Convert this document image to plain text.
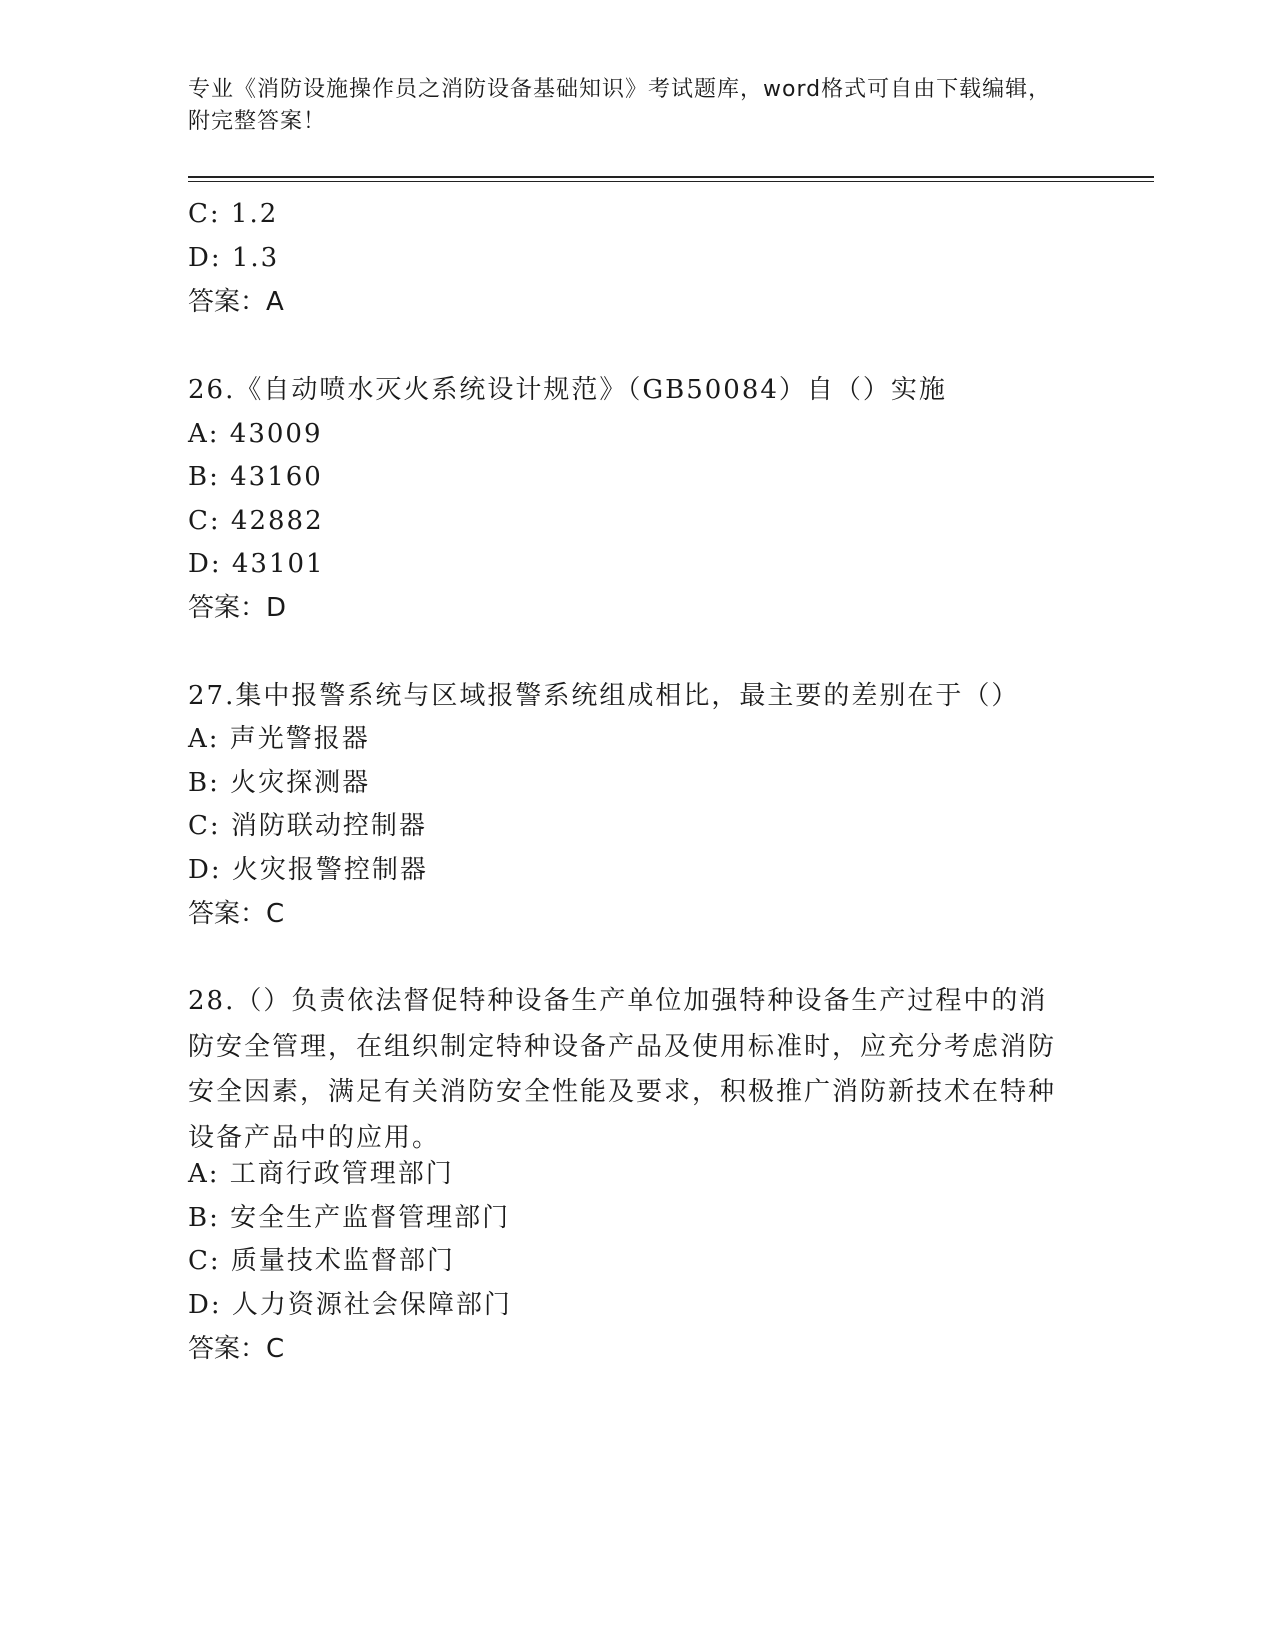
专业《消防设施操作员之消防设备基础知识》考试题库，word格式可自由下载编辑，附完整答案！
C: 1.2
D: 1.3
答案：A
26.《自动喷水灭火系统设计规范》（GB50084）自（）实施
A: 43009
B: 43160
C: 42882
D: 43101
答案：D
27.集中报警系统与区域报警系统组成相比，最主要的差别在于（）
A: 声光警报器
B: 火灾探测器
C: 消防联动控制器
D: 火灾报警控制器
答案：C
28.（）负责依法督促特种设备生产单位加强特种设备生产过程中的消防安全管理，在组织制定特种设备产品及使用标准时，应充分考虑消防安全因素，满足有关消防安全性能及要求，积极推广消防新技术在特种设备产品中的应用。
A: 工商行政管理部门
B: 安全生产监督管理部门
C: 质量技术监督部门
D: 人力资源社会保障部门
答案：C
